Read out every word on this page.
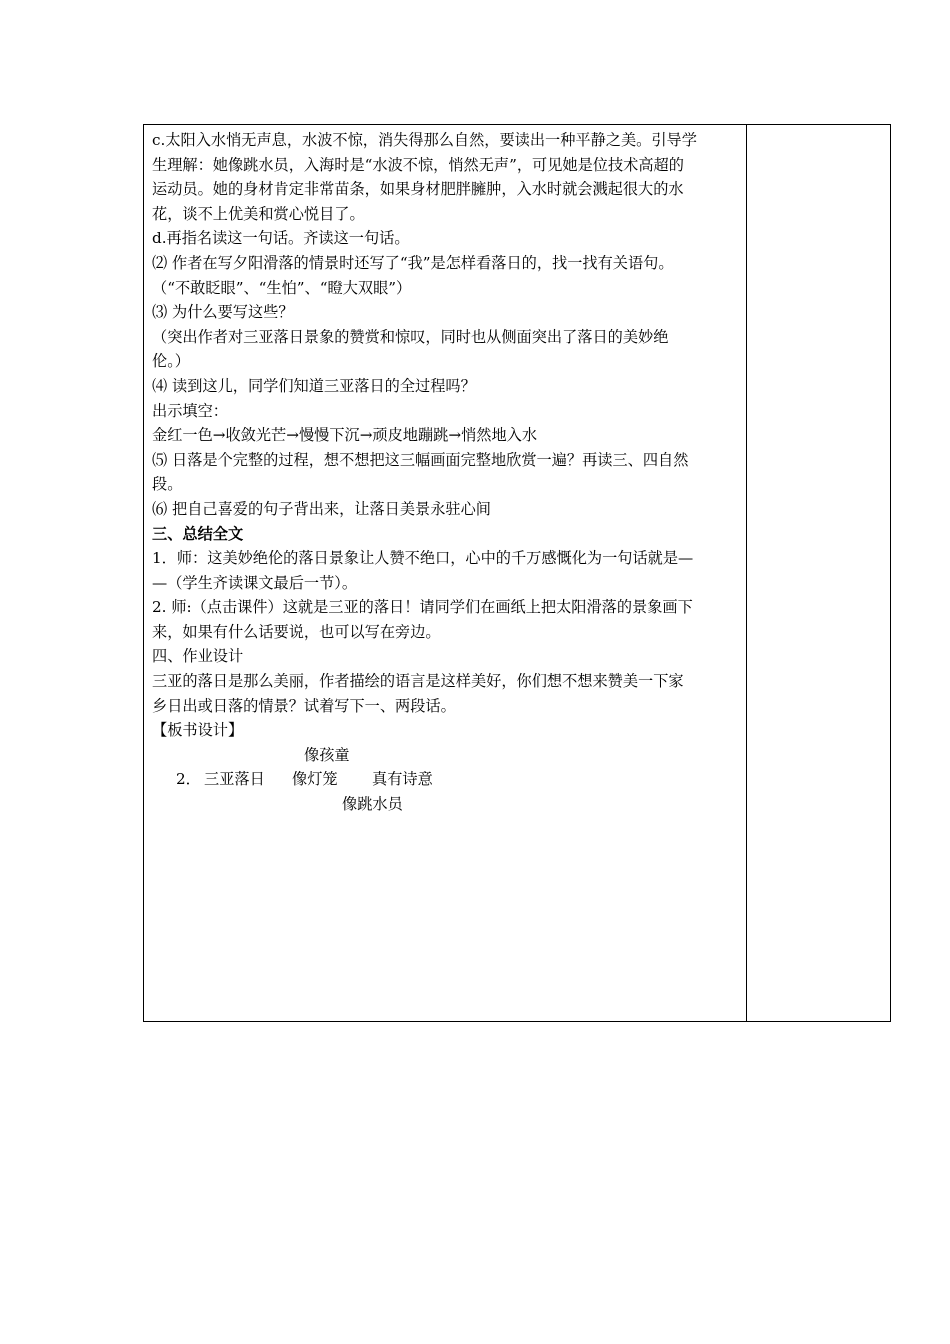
c.太阳入水悄无声息，水波不惊，消失得那么自然，要读出一种平静之美。引导学
生理解：她像跳水员，入海时是“水波不惊，悄然无声”，可见她是位技术高超的
运动员。她的身材肯定非常苗条，如果身材肥胖臃肿，入水时就会溅起很大的水
花，谈不上优美和赏心悦目了。
d.再指名读这一句话。齐读这一句话。
⑵ 作者在写夕阳滑落的情景时还写了“我”是怎样看落日的，找一找有关语句。
（“不敢眨眼”、“生怕”、“瞪大双眼”）
⑶ 为什么要写这些？
（突出作者对三亚落日景象的赞赏和惊叹，同时也从侧面突出了落日的美妙绝
伦。）
⑷ 读到这儿，同学们知道三亚落日的全过程吗？
出示填空：
金红一色→收敛光芒→慢慢下沉→顽皮地蹦跳→悄然地入水
⑸ 日落是个完整的过程，想不想把这三幅画面完整地欣赏一遍？再读三、四自然
段。
⑹ 把自己喜爱的句子背出来，让落日美景永驻心间
三、总结全文
1．师：这美妙绝伦的落日景象让人赞不绝口，心中的千万感慨化为一句话就是—
—（学生齐读课文最后一节）。
2. 师:（点击课件）这就是三亚的落日！请同学们在画纸上把太阳滑落的景象画下
来，如果有什么话要说，也可以写在旁边。
四、作业设计
三亚的落日是那么美丽，作者描绘的语言是这样美好，你们想不想来赞美一下家
乡日出或日落的情景？试着写下一、两段话。
【板书设计】
像孩童
2． 三亚落日 像灯笼 真有诗意
像跳水员
